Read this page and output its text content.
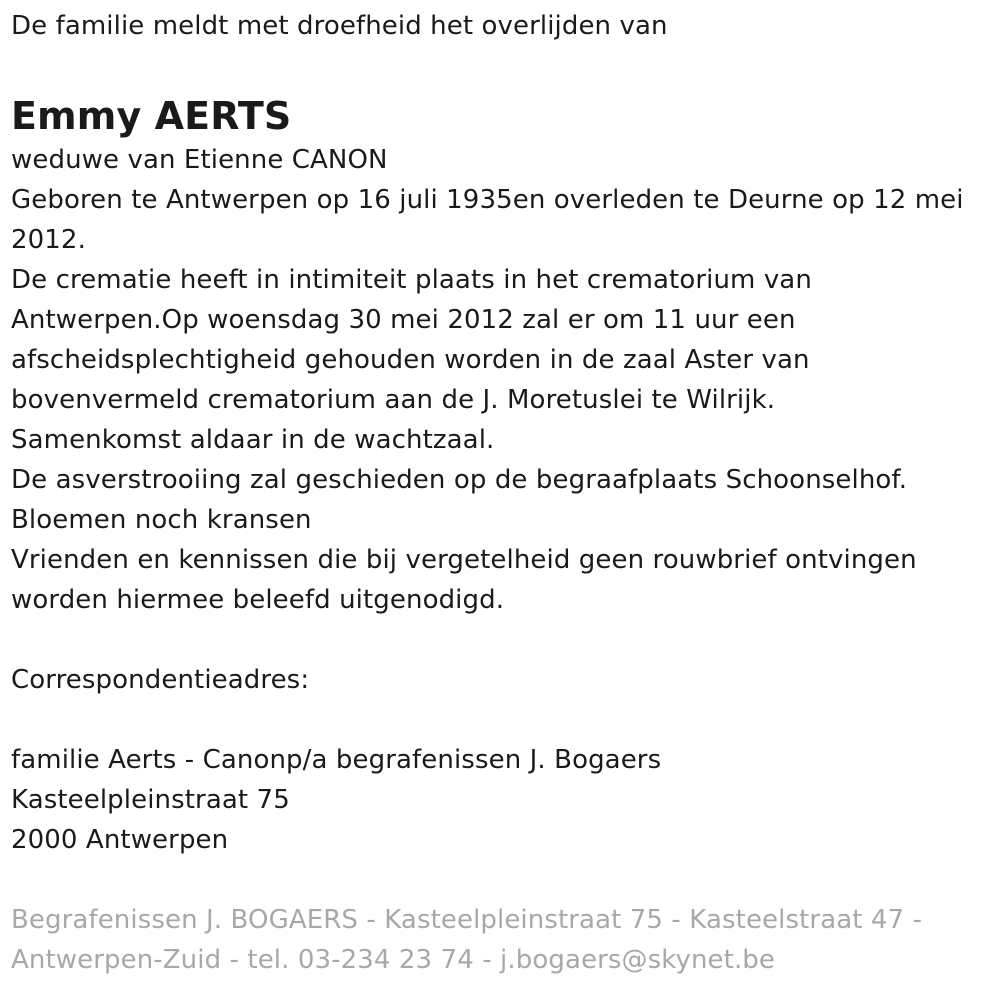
De familie meldt met droefheid het overlijden van

Emmy AERTS

weduwe van Etienne CANON

Geboren te Antwerpen op 16 juli 1935en overleden te Deurne op 12 mei 2012.

De crematie heeft in intimiteit plaats in het crematorium van Antwerpen.Op woensdag 30 mei 2012 zal er om 11 uur een afscheidsplechtigheid gehouden worden in de zaal Aster van bovenvermeld crematorium aan de J. Moretuslei te Wilrijk.

Samenkomst aldaar in de wachtzaal.

De asverstrooiing zal geschieden op de begraafplaats Schoonselhof.

Bloemen noch kransen

Vrienden en kennissen die bij vergetelheid geen rouwbrief ontvingen worden hiermee beleefd uitgenodigd.

Correspondentieadres:

familie Aerts - Canonp/a begrafenissen J. Bogaers

Kasteelpleinstraat 75

2000 Antwerpen

Begrafenissen J. BOGAERS - Kasteelpleinstraat 75 - Kasteelstraat 47 - Antwerpen-Zuid - tel. 03-234 23 74 - j.bogaers@skynet.be
